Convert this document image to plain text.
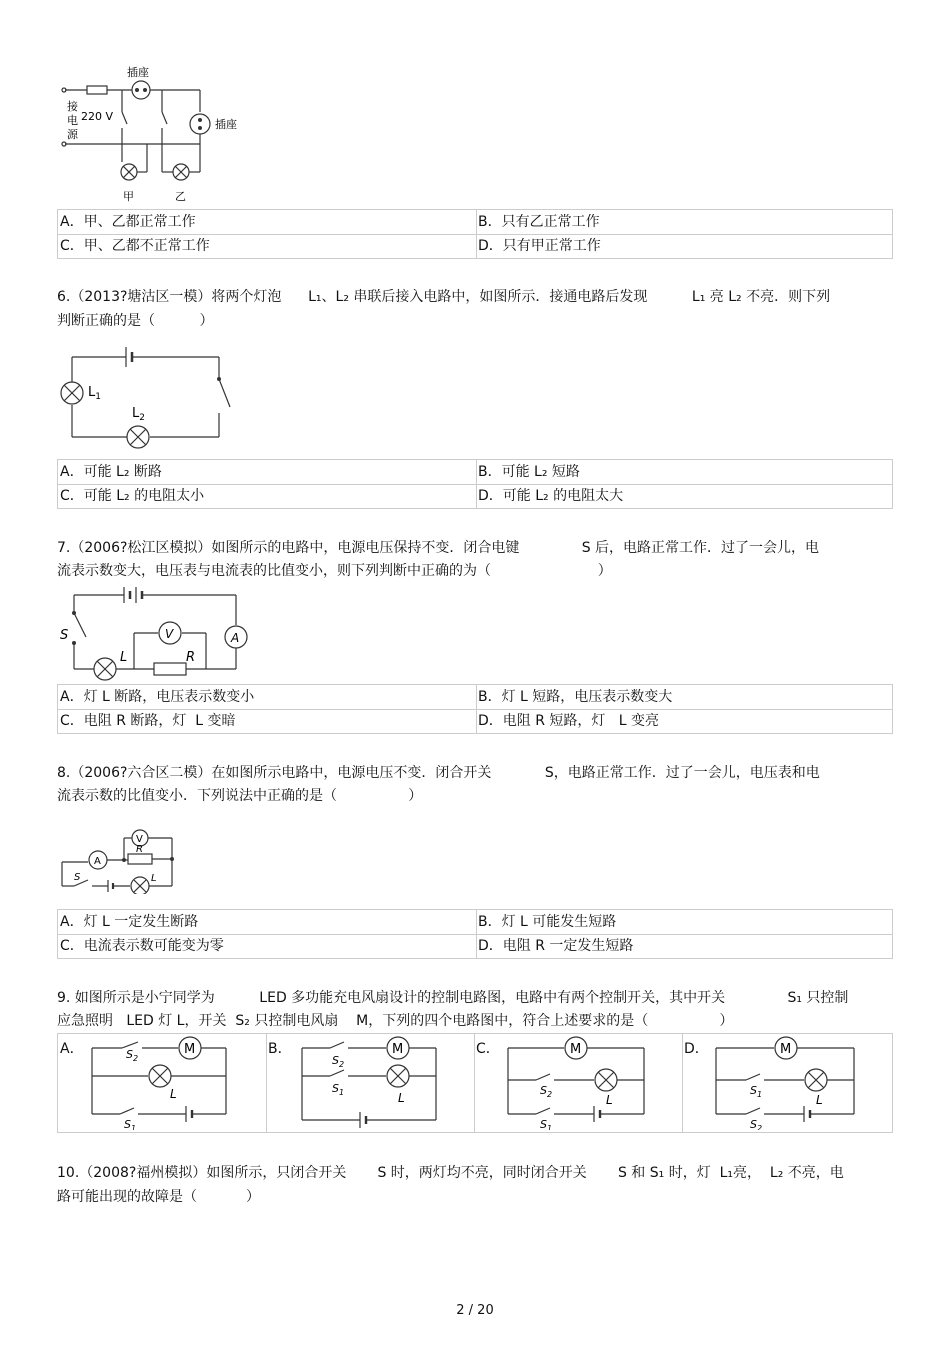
插座
插座
接
电
源
220 V
甲	乙
A．甲、乙都正常工作	B．只有乙正常工作
C．甲、乙都不正常工作	D．只有甲正常工作
6.（2013?塘沽区一模）将两个灯泡      L₁、L₂ 串联后接入电路中，如图所示．接通电路后发现          L₁ 亮 L₂ 不亮．则下列
判断正确的是（          ）
$L_1$
$L_2$
A．可能 L₂ 断路	B．可能 L₂ 短路
C．可能 L₂ 的电阻太小	D．可能 L₂ 的电阻太大
7.（2006?松江区模拟）如图所示的电路中，电源电压保持不变．闭合电键              S 后，电路正常工作．过了一会儿，电
流表示数变大，电压表与电流表的比值变小，则下列判断中正确的为（                        ）
S
L	R
V	A
A．灯 L 断路，电压表示数变小	B．灯 L 短路，电压表示数变大
C．电阻 R 断路，灯  L 变暗	D．电阻 R 短路，灯   L 变亮
8.（2006?六合区二模）在如图所示电路中，电源电压不变．闭合开关            S，电路正常工作．过了一会儿，电压表和电
流表示数的比值变小．下列说法中正确的是（                ）
A
V
R
L
S
A．灯 L 一定发生断路	B．灯 L 可能发生短路
C．电流表示数可能变为零	D．电阻 R 一定发生短路
9. 如图所示是小宁同学为          LED 多功能充电风扇设计的控制电路图，电路中有两个控制开关，其中开关              S₁ 只控制
应急照明   LED 灯 L，开关  S₂ 只控制电风扇    M，下列的四个电路图中，符合上述要求的是（                ）
A．	M
L
$S_2$
$S_1$
B．	M
L
$S_2$
$S_1$
C．	M
L
$S_2$
$S_1$
D．	M
L
$S_1$
$S_2$
10.（2008?福州模拟）如图所示，只闭合开关       S 时，两灯均不亮，同时闭合开关       S 和 S₁ 时，灯  L₁亮，  L₂ 不亮，电
路可能出现的故障是（           ）
2 / 20
